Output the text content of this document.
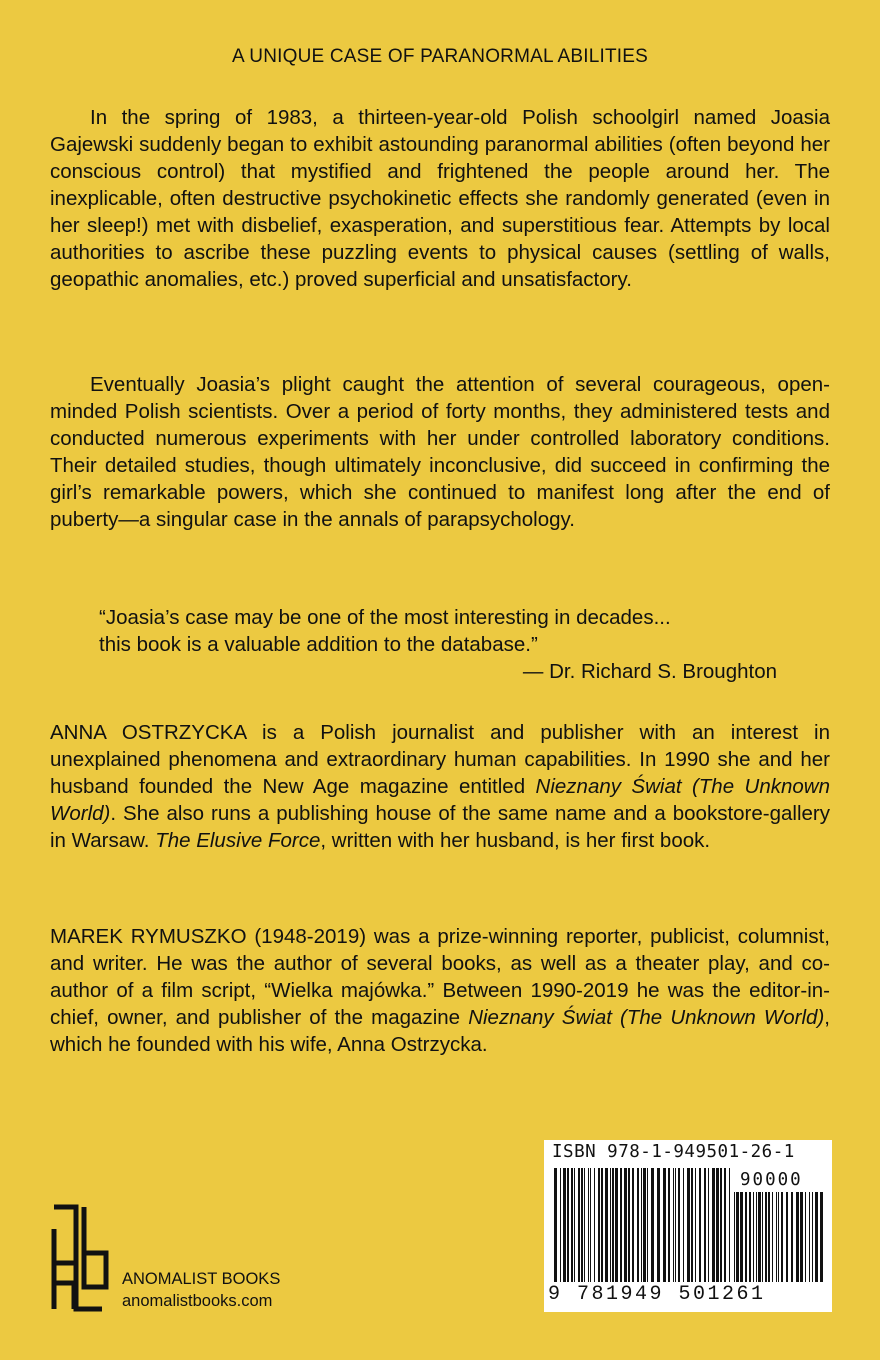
A UNIQUE CASE OF PARANORMAL ABILITIES

In the spring of 1983, a thirteen-year-old Polish schoolgirl named Joasia Gajewski suddenly began to exhibit astounding paranormal abilities (often beyond her conscious control) that mystified and frightened the people around her. The inexplicable, often destructive psychokinetic effects she randomly generated (even in her sleep!) met with disbelief, exasperation, and superstitious fear. Attempts by local authorities to ascribe these puzzling events to physical causes (settling of walls, geopathic anomalies, etc.) proved superficial and unsatisfactory.

Eventually Joasia’s plight caught the attention of several courageous, open-minded Polish scientists. Over a period of forty months, they administered tests and conducted numerous experiments with her under controlled laboratory conditions. Their detailed studies, though ultimately inconclusive, did succeed in confirming the girl’s remarkable powers, which she continued to manifest long after the end of puberty—a singular case in the annals of parapsychology.

“Joasia’s case may be one of the most interesting in decades...
this book is a valuable addition to the database.”
— Dr. Richard S. Broughton

ANNA OSTRZYCKA is a Polish journalist and publisher with an interest in unexplained phenomena and extraordinary human capabilities. In 1990 she and her husband founded the New Age magazine entitled Nieznany Świat (The Unknown World). She also runs a publishing house of the same name and a bookstore-gallery in Warsaw. The Elusive Force, written with her husband, is her first book.

MAREK RYMUSZKO (1948-2019) was a prize-winning reporter, publicist, columnist, and writer. He was the author of several books, as well as a theater play, and co-author of a film script, “Wielka majówka.” Between 1990-2019 he was the editor-in-chief, owner, and publisher of the magazine Nieznany Świat (The Unknown World), which he founded with his wife, Anna Ostrzycka.

ANOMALIST BOOKS
anomalistbooks.com
ISBN 978-1-949501-26-1
90000
9 781949 501261
